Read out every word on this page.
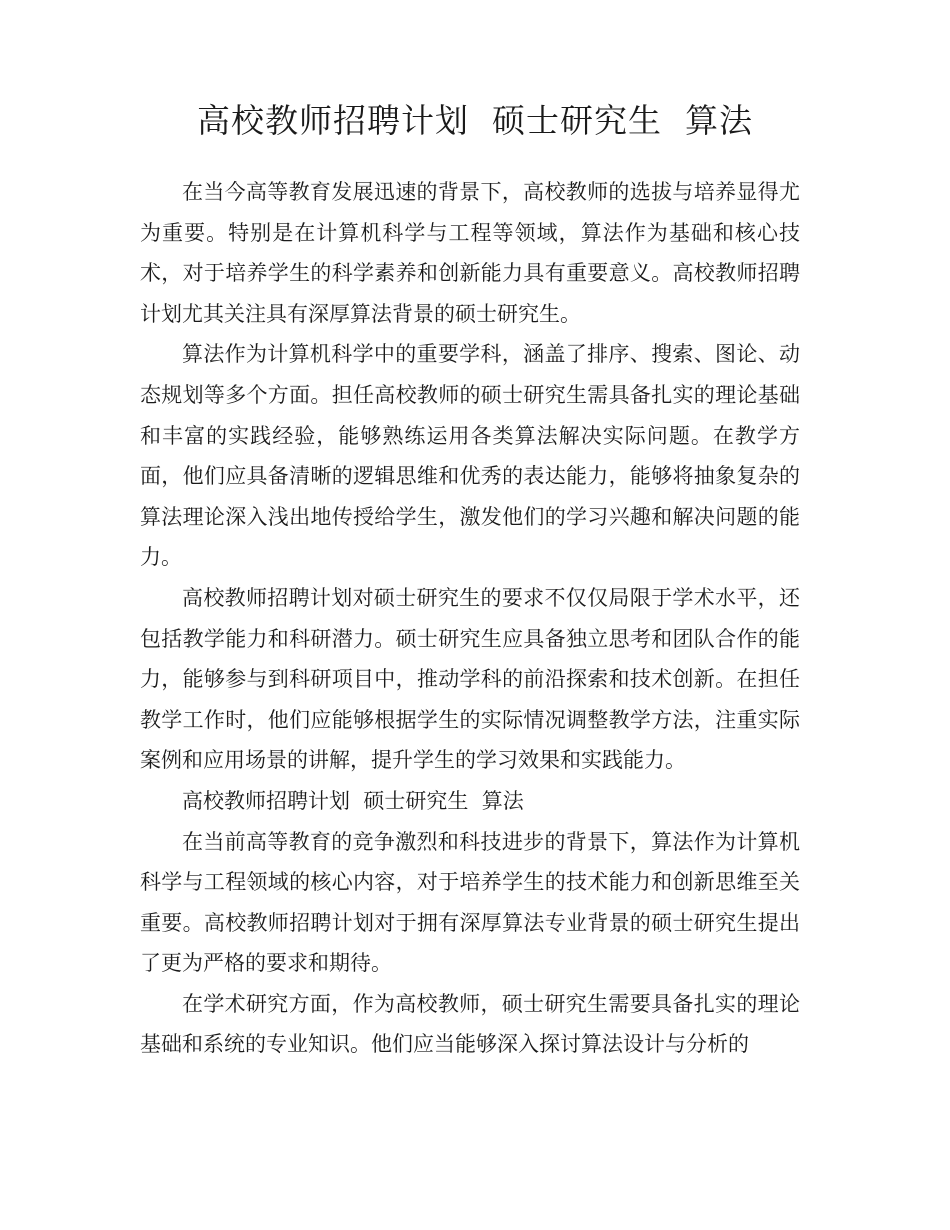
高校教师招聘计划  硕士研究生  算法

在当今高等教育发展迅速的背景下，高校教师的选拔与培养显得尤为重要。特别是在计算机科学与工程等领域，算法作为基础和核心技术，对于培养学生的科学素养和创新能力具有重要意义。高校教师招聘计划尤其关注具有深厚算法背景的硕士研究生。

算法作为计算机科学中的重要学科，涵盖了排序、搜索、图论、动态规划等多个方面。担任高校教师的硕士研究生需具备扎实的理论基础和丰富的实践经验，能够熟练运用各类算法解决实际问题。在教学方面，他们应具备清晰的逻辑思维和优秀的表达能力，能够将抽象复杂的算法理论深入浅出地传授给学生，激发他们的学习兴趣和解决问题的能力。

高校教师招聘计划对硕士研究生的要求不仅仅局限于学术水平，还包括教学能力和科研潜力。硕士研究生应具备独立思考和团队合作的能力，能够参与到科研项目中，推动学科的前沿探索和技术创新。在担任教学工作时，他们应能够根据学生的实际情况调整教学方法，注重实际案例和应用场景的讲解，提升学生的学习效果和实践能力。

高校教师招聘计划  硕士研究生  算法

在当前高等教育的竞争激烈和科技进步的背景下，算法作为计算机科学与工程领域的核心内容，对于培养学生的技术能力和创新思维至关重要。高校教师招聘计划对于拥有深厚算法专业背景的硕士研究生提出了更为严格的要求和期待。

在学术研究方面，作为高校教师，硕士研究生需要具备扎实的理论基础和系统的专业知识。他们应当能够深入探讨算法设计与分析的
